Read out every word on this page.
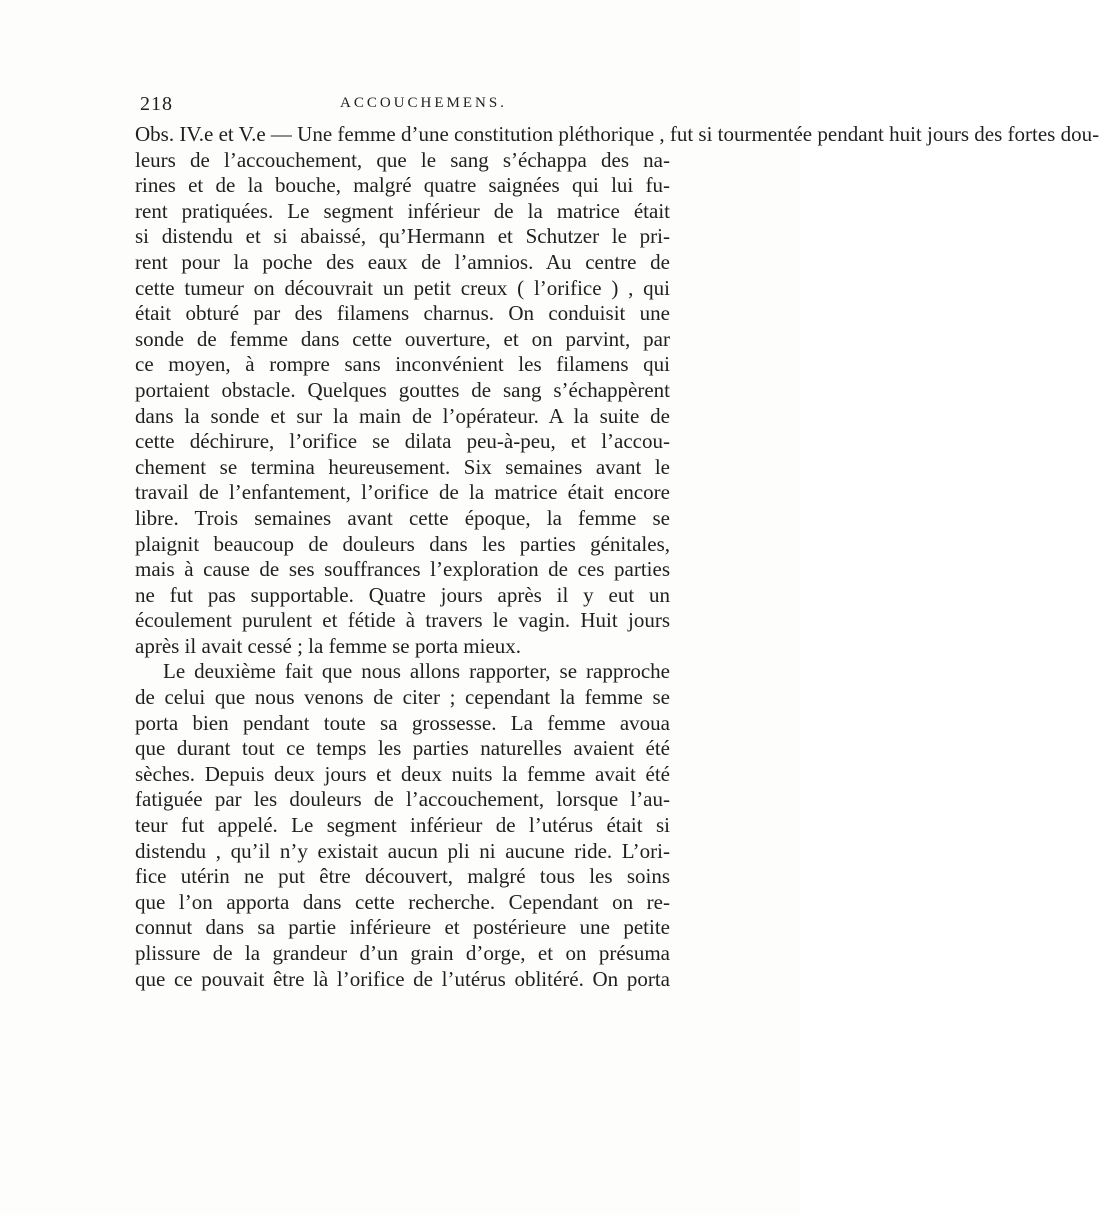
218	ACCOUCHEMENS.
Obs. IV.e et V.e — Une femme d’une constitution pléthorique , fut si tourmentée pendant huit jours des fortes dou-
leurs de l’accouchement, que le sang s’échappa des na-
rines et de la bouche, malgré quatre saignées qui lui fu-
rent pratiquées. Le segment inférieur de la matrice était
si distendu et si abaissé, qu’Hermann et Schutzer le pri-
rent pour la poche des eaux de l’amnios. Au centre de
cette tumeur on découvrait un petit creux ( l’orifice ) , qui
était obturé par des filamens charnus. On conduisit une
sonde de femme dans cette ouverture, et on parvint, par
ce moyen, à rompre sans inconvénient les filamens qui
portaient obstacle. Quelques gouttes de sang s’échappèrent
dans la sonde et sur la main de l’opérateur. A la suite de
cette déchirure, l’orifice se dilata peu-à-peu, et l’accou-
chement se termina heureusement. Six semaines avant le
travail de l’enfantement, l’orifice de la matrice était encore
libre. Trois semaines avant cette époque, la femme se
plaignit beaucoup de douleurs dans les parties génitales,
mais à cause de ses souffrances l’exploration de ces parties
ne fut pas supportable. Quatre jours après il y eut un
écoulement purulent et fétide à travers le vagin. Huit jours
après il avait cessé ; la femme se porta mieux.
Le deuxième fait que nous allons rapporter, se rapproche
de celui que nous venons de citer ; cependant la femme se
porta bien pendant toute sa grossesse. La femme avoua
que durant tout ce temps les parties naturelles avaient été
sèches. Depuis deux jours et deux nuits la femme avait été
fatiguée par les douleurs de l’accouchement, lorsque l’au-
teur fut appelé. Le segment inférieur de l’utérus était si
distendu , qu’il n’y existait aucun pli ni aucune ride. L’ori-
fice utérin ne put être découvert, malgré tous les soins
que l’on apporta dans cette recherche. Cependant on re-
connut dans sa partie inférieure et postérieure une petite
plissure de la grandeur d’un grain d’orge, et on présuma
que ce pouvait être là l’orifice de l’utérus oblitéré. On porta
